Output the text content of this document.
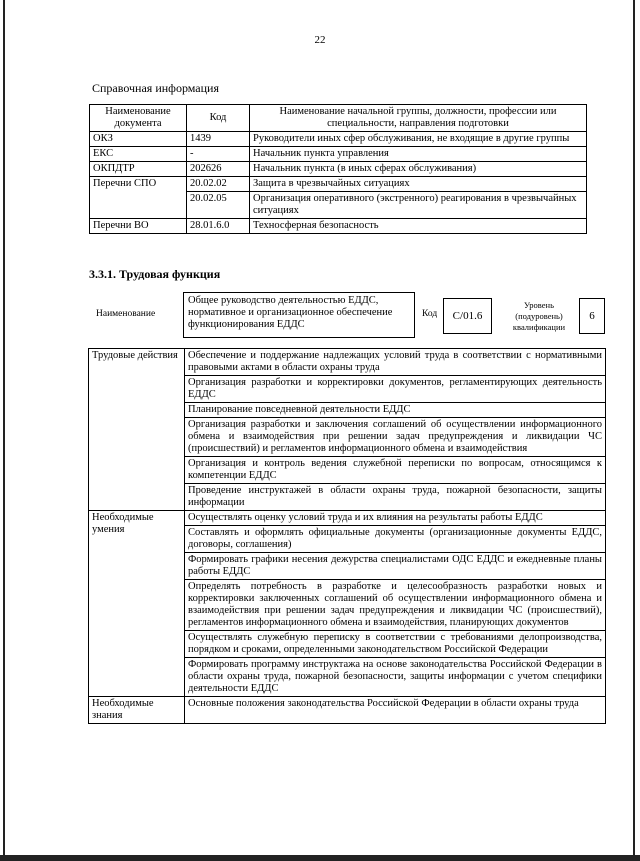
22
Справочная информация
Наименование документа	Код	Наименование начальной группы, должности, профессии или специальности, направления подготовки
ОКЗ	1439	Руководители иных сфер обслуживания, не входящие в другие группы
ЕКС	-	Начальник пункта управления
ОКПДТР	202626	Начальник пункта (в иных сферах обслуживания)
Перечни СПО	20.02.02	Защита в чрезвычайных ситуациях
	20.02.05	Организация оперативного (экстренного) реагирования в чрезвычайных ситуациях
Перечни ВО	28.01.6.0	Техносферная безопасность
3.3.1. Трудовая функция
Наименование
Общее руководство деятельностью ЕДДС, нормативное и организационное обеспечение функционирования ЕДДС
Код	C/01.6
Уровень (подуровень) квалификации
6
Трудовые действия	Обеспечение и поддержание надлежащих условий труда в соответствии с нормативными правовыми актами в области охраны труда
	Организация разработки и корректировки документов, регламентирующих деятельность ЕДДС
	Планирование повседневной деятельности ЕДДС
	Организация разработки и заключения соглашений об осуществлении информационного обмена и взаимодействия при решении задач предупреждения и ликвидации ЧС (происшествий) и регламентов информационного обмена и взаимодействия
	Организация и контроль ведения служебной переписки по вопросам, относящимся к компетенции ЕДДС
	Проведение инструктажей в области охраны труда, пожарной безопасности, защиты информации
Необходимые умения	Осуществлять оценку условий труда и их влияния на результаты работы ЕДДС
	Составлять и оформлять официальные документы (организационные документы ЕДДС, договоры, соглашения)
	Формировать графики несения дежурства специалистами ОДС ЕДДС и ежедневные планы работы ЕДДС
	Определять потребность в разработке и целесообразность разработки новых и корректировки заключенных соглашений об осуществлении информационного обмена и взаимодействия при решении задач предупреждения и ликвидации ЧС (происшествий), регламентов информационного обмена и взаимодействия, планирующих документов
	Осуществлять служебную переписку в соответствии с требованиями делопроизводства, порядком и сроками, определенными законодательством Российской Федерации
	Формировать программу инструктажа на основе законодательства Российской Федерации в области охраны труда, пожарной безопасности, защиты информации с учетом специфики деятельности ЕДДС
Необходимые знания	Основные положения законодательства Российской Федерации в области охраны труда
